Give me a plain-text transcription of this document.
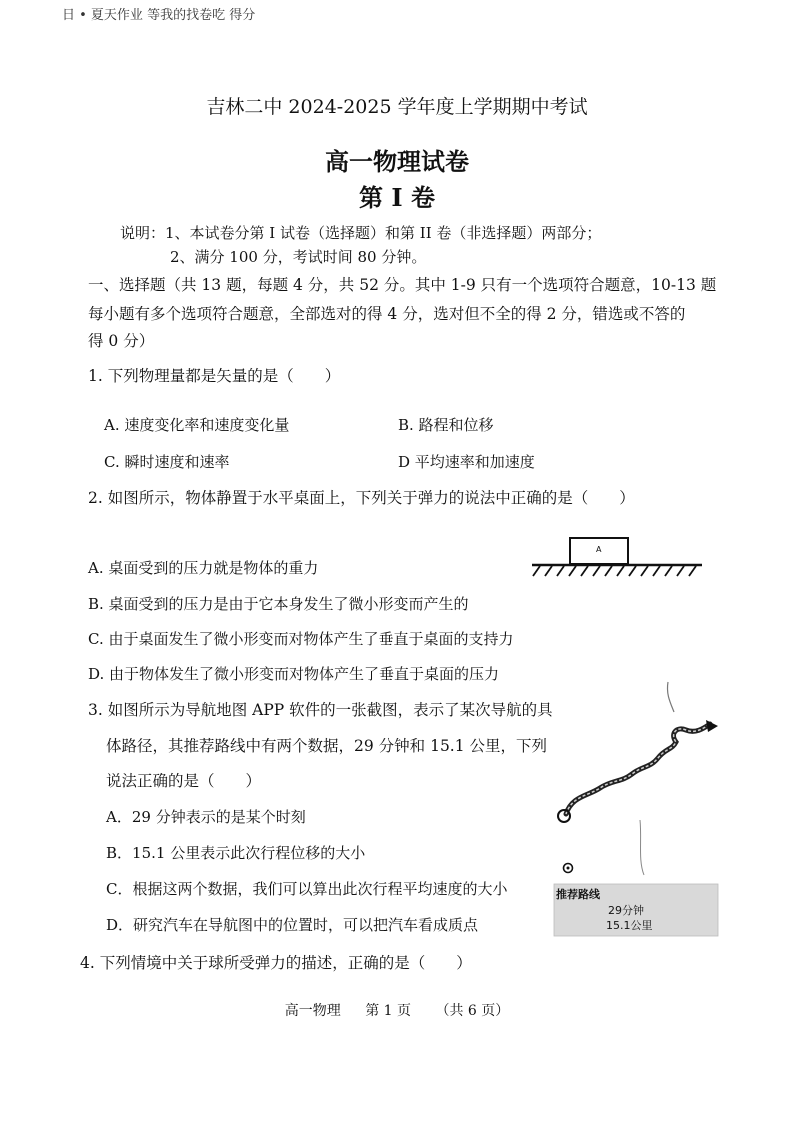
日 • 夏天作业 等我的找卷吃 得分
吉林二中 2024-2025 学年度上学期期中考试
高一物理试卷
第 I 卷
说明：1、本试卷分第 I 试卷（选择题）和第 II 卷（非选择题）两部分；
2、满分 100 分，考试时间 80 分钟。
一、选择题（共 13 题，每题 4 分，共 52 分。其中 1-9 只有一个选项符合题意，10-13 题
每小题有多个选项符合题意，全部选对的得 4 分，选对但不全的得 2 分，错选或不答的
得 0 分）
1. 下列物理量都是矢量的是（　　）
A. 速度变化率和速度变化量	B. 路程和位移
C. 瞬时速度和速率	D 平均速率和加速度
2. 如图所示，物体静置于水平桌面上，下列关于弹力的说法中正确的是（　　）
A. 桌面受到的压力就是物体的重力
B. 桌面受到的压力是由于它本身发生了微小形变而产生的
C. 由于桌面发生了微小形变而对物体产生了垂直于桌面的支持力
D. 由于物体发生了微小形变而对物体产生了垂直于桌面的压力
A
3. 如图所示为导航地图 APP 软件的一张截图，表示了某次导航的具
体路径，其推荐路线中有两个数据，29 分钟和 15.1 公里，下列
说法正确的是（　　）
A．29 分钟表示的是某个时刻
B．15.1 公里表示此次行程位移的大小
C．根据这两个数据，我们可以算出此次行程平均速度的大小
D．研究汽车在导航图中的位置时，可以把汽车看成质点
推荐路线
29分钟
15.1公里
4. 下列情境中关于球所受弹力的描述，正确的是（　　）
高一物理 第 1 页 （共 6 页）
